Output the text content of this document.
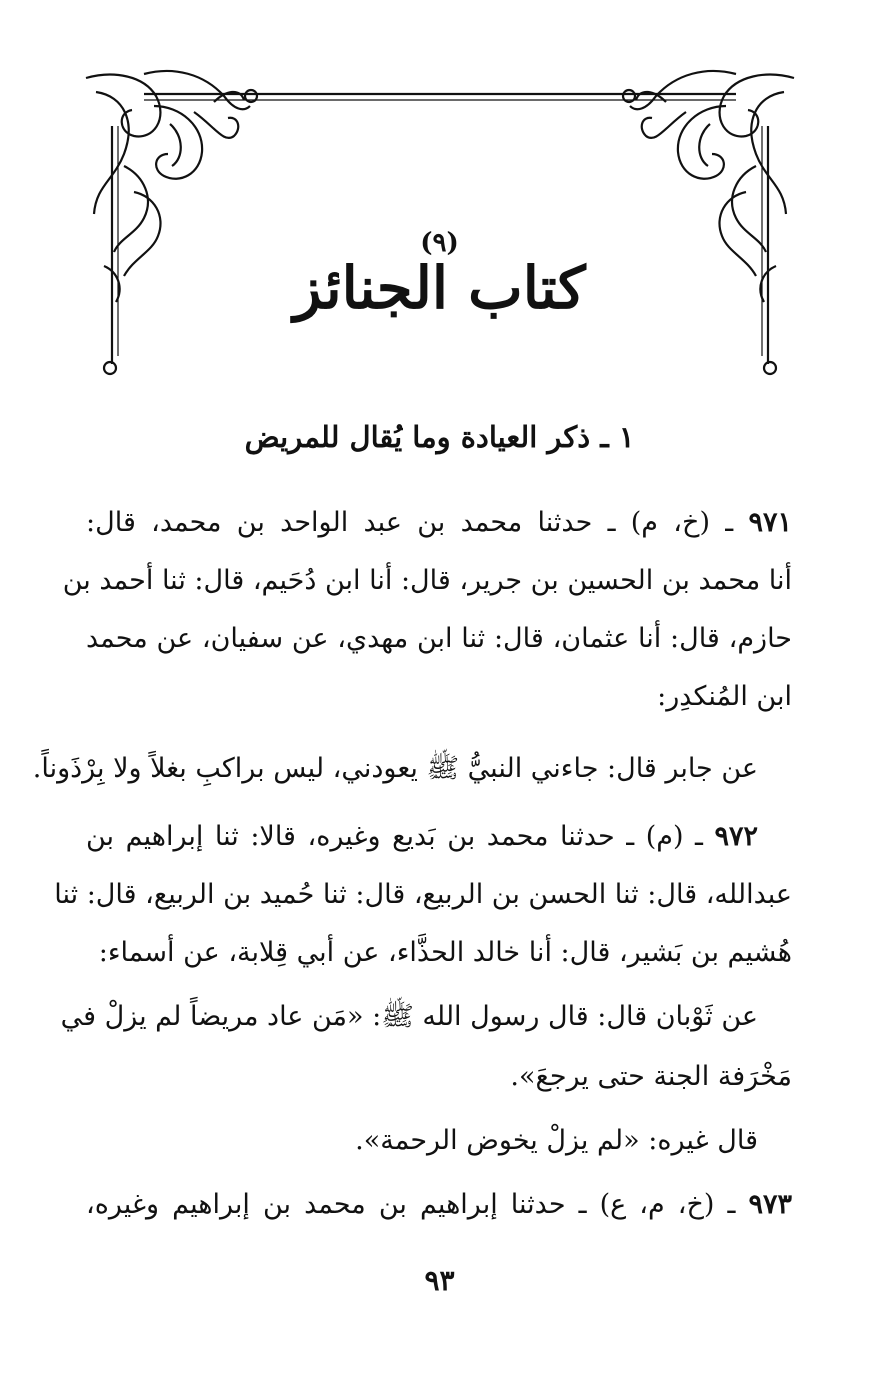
(٩)
كتاب الجنائز
١ ـ ذكر العيادة وما يُقال للمريض
٩٧١ ـ (خ، م) ـ حدثنا محمد بن عبد الواحد بن محمد، قال:
أنا محمد بن الحسين بن جرير، قال: أنا ابن دُحَيم، قال: ثنا أحمد بن
حازم، قال: أنا عثمان، قال: ثنا ابن مهدي، عن سفيان، عن محمد
ابن المُنكدِر:
عن جابر قال: جاءني النبيُّ ﷺ يعودني، ليس براكبِ بغلاً ولا بِرْذَوناً.
٩٧٢ ـ (م) ـ حدثنا محمد بن بَديع وغيره، قالا: ثنا إبراهيم بن
عبدالله، قال: ثنا الحسن بن الربيع، قال: ثنا حُميد بن الربيع، قال: ثنا
هُشيم بن بَشير، قال: أنا خالد الحذَّاء، عن أبي قِلابة، عن أسماء:
عن ثَوْبان قال: قال رسول الله ﷺ: «مَن عاد مريضاً لم يزلْ في
مَخْرَفة الجنة حتى يرجعَ».
قال غيره: «لم يزلْ يخوض الرحمة».
٩٧٣ ـ (خ، م، ع) ـ حدثنا إبراهيم بن محمد بن إبراهيم وغيره،
٩٣
